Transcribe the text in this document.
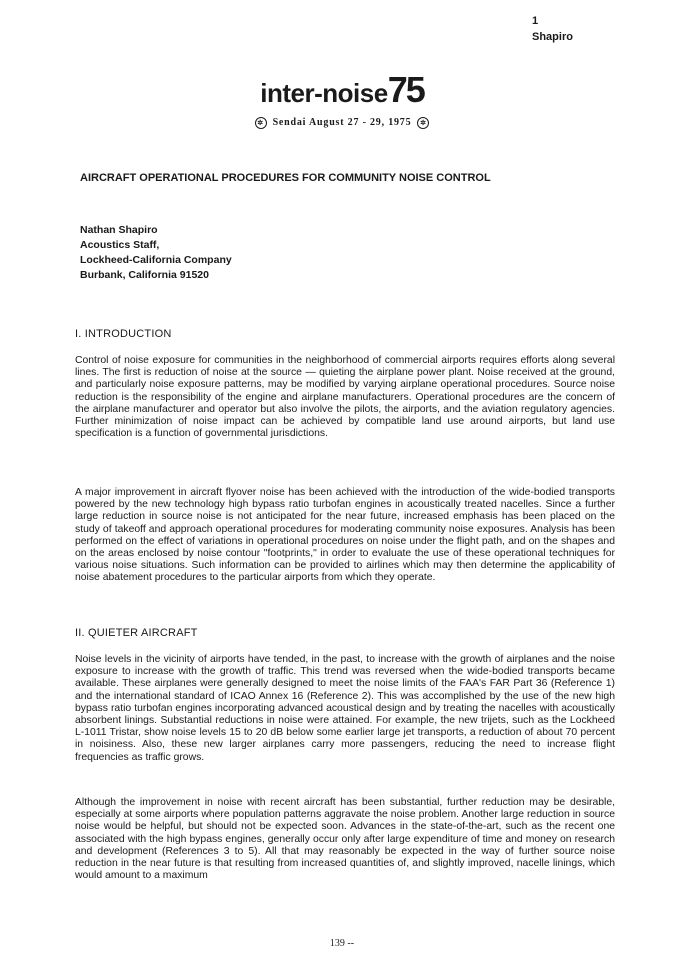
1
Shapiro
inter-noise75
✲ Sendai August 27 - 29, 1975 ✲
AIRCRAFT OPERATIONAL PROCEDURES FOR COMMUNITY NOISE CONTROL
Nathan Shapiro
Acoustics Staff,
Lockheed-California Company
Burbank, California 91520
I. INTRODUCTION

Control of noise exposure for communities in the neighborhood of commercial airports requires efforts along several lines. The first is reduction of noise at the source — quieting the airplane power plant. Noise received at the ground, and particularly noise exposure patterns, may be modified by varying airplane operational procedures. Source noise reduction is the responsibility of the engine and airplane manufacturers. Operational procedures are the concern of the airplane manufacturer and operator but also involve the pilots, the airports, and the aviation regulatory agencies. Further minimization of noise impact can be achieved by compatible land use around airports, but land use specification is a function of governmental jurisdictions.

A major improvement in aircraft flyover noise has been achieved with the introduction of the wide-bodied transports powered by the new technology high bypass ratio turbofan engines in acoustically treated nacelles. Since a further large reduction in source noise is not anticipated for the near future, increased emphasis has been placed on the study of takeoff and approach operational procedures for moderating community noise exposures. Analysis has been performed on the effect of variations in operational procedures on noise under the flight path, and on the shapes and on the areas enclosed by noise contour "footprints," in order to evaluate the use of these operational techniques for various noise situations. Such information can be provided to airlines which may then determine the applicability of noise abatement procedures to the particular airports from which they operate.

II. QUIETER AIRCRAFT

Noise levels in the vicinity of airports have tended, in the past, to increase with the growth of airplanes and the noise exposure to increase with the growth of traffic. This trend was reversed when the wide-bodied transports became available. These airplanes were generally designed to meet the noise limits of the FAA's FAR Part 36 (Reference 1) and the international standard of ICAO Annex 16 (Reference 2). This was accomplished by the use of the new high bypass ratio turbofan engines incorporating advanced acoustical design and by treating the nacelles with acoustically absorbent linings. Substantial reductions in noise were attained. For example, the new trijets, such as the Lockheed L-1011 Tristar, show noise levels 15 to 20 dB below some earlier large jet transports, a reduction of about 70 percent in noisiness. Also, these new larger airplanes carry more passengers, reducing the need to increase flight frequencies as traffic grows.

Although the improvement in noise with recent aircraft has been substantial, further reduction may be desirable, especially at some airports where population patterns aggravate the noise problem. Another large reduction in source noise would be helpful, but should not be expected soon. Advances in the state-of-the-art, such as the recent one associated with the high bypass engines, generally occur only after large expenditure of time and money on research and development (References 3 to 5). All that may reasonably be expected in the way of further source noise reduction in the near future is that resulting from increased quantities of, and slightly improved, nacelle linings, which would amount to a maximum

139 --
